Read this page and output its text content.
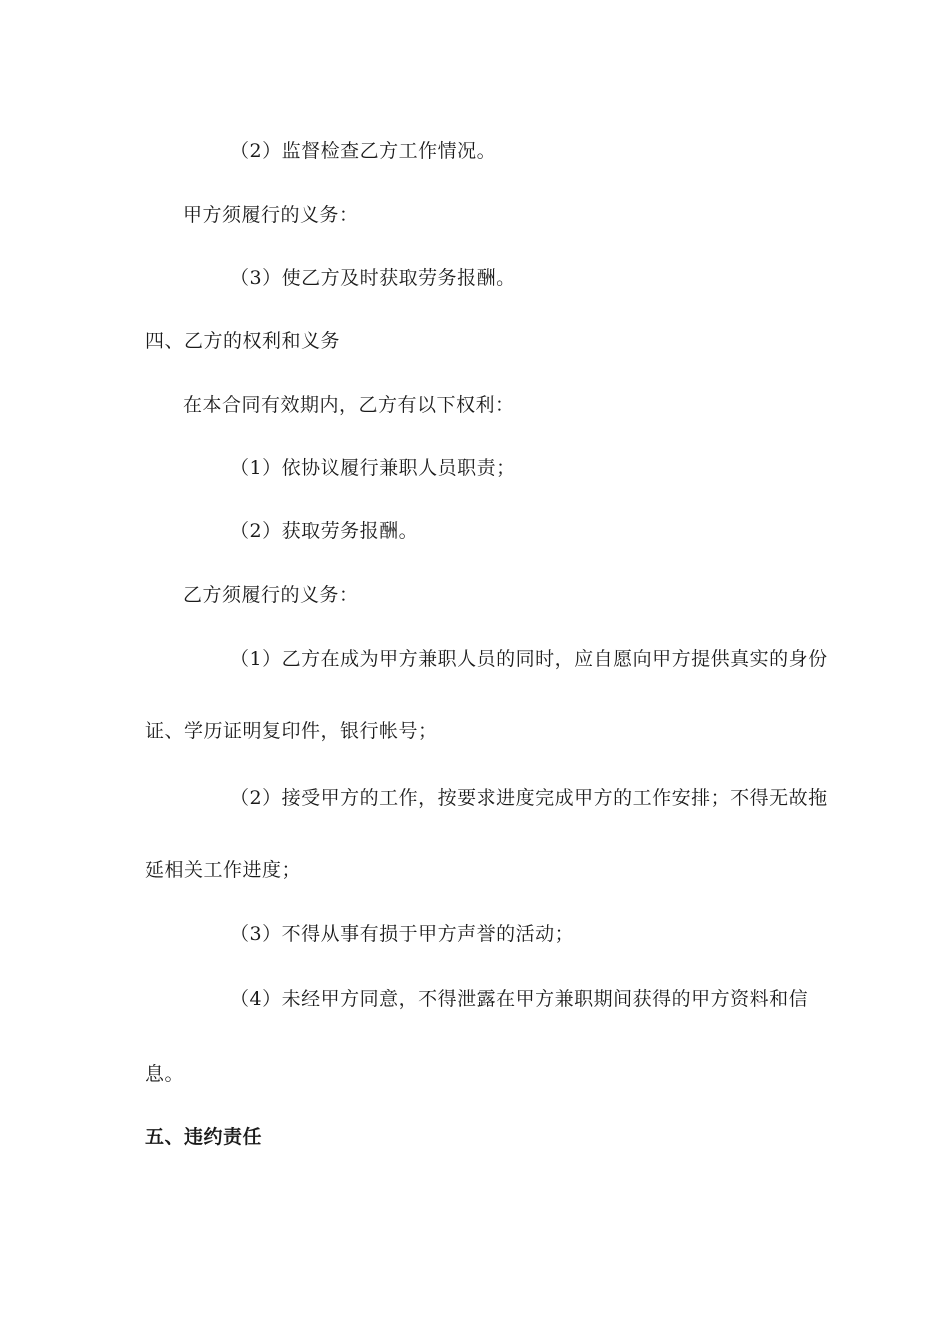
（2）监督检查乙方工作情况。
甲方须履行的义务：
（3）使乙方及时获取劳务报酬。
四、乙方的权利和义务
在本合同有效期内，乙方有以下权利：
（1）依协议履行兼职人员职责；
（2）获取劳务报酬。
乙方须履行的义务：
（1）乙方在成为甲方兼职人员的同时，应自愿向甲方提供真实的身份
证、学历证明复印件，银行帐号；
（2）接受甲方的工作，按要求进度完成甲方的工作安排；不得无故拖
延相关工作进度；
（3）不得从事有损于甲方声誉的活动；
（4）未经甲方同意，不得泄露在甲方兼职期间获得的甲方资料和信
息。
五、违约责任
